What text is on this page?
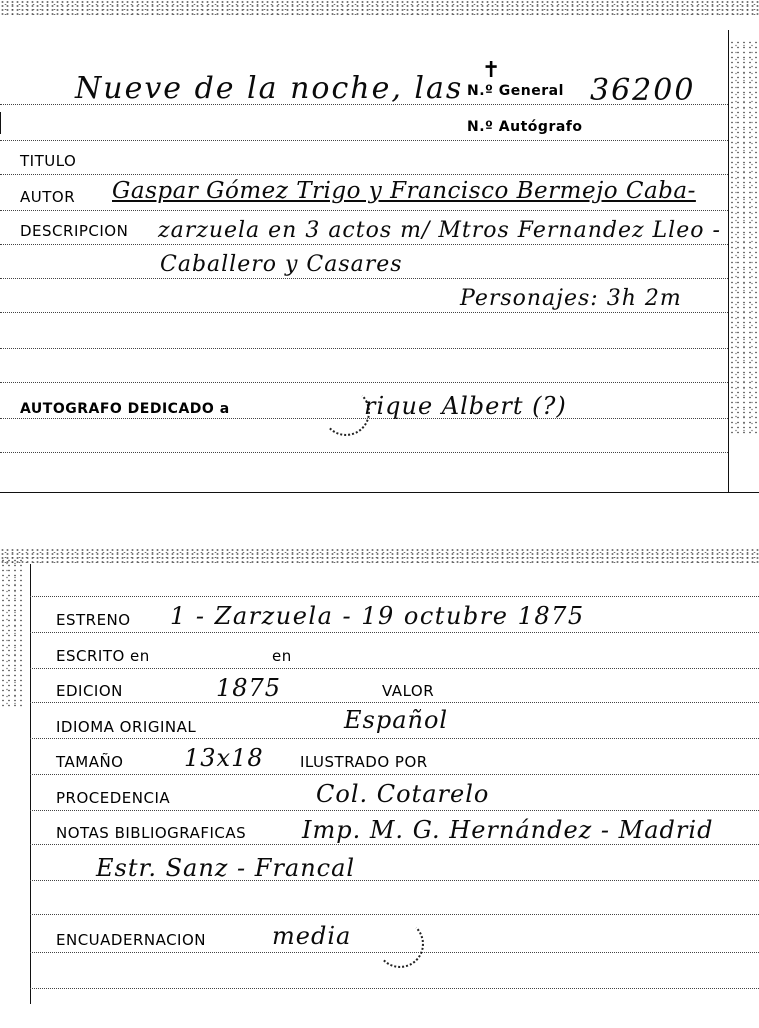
Nueve de la noche, las
✝
N.º General 36200
N.º Autógrafo
TITULO
AUTOR Gaspar Gómez Trigo y Francisco Bermejo Caba-
DESCRIPCION zarzuela en 3 actos m/ Mtros Fernandez Lleo -
Caballero y Casares
Personajes: 3h 2m
AUTOGRAFO DEDICADO a	rique Albert (?)
ESTRENO 1 - Zarzuela - 19 octubre 1875
ESCRITO en	en
EDICION	1875	VALOR
IDIOMA ORIGINAL	Español
TAMAÑO	13x18 ILUSTRADO POR
PROCEDENCIA	Col. Cotarelo
NOTAS BIBLIOGRAFICAS Imp. M. G. Hernández - Madrid
Estr. Sanz - Francal
ENCUADERNACION	media
